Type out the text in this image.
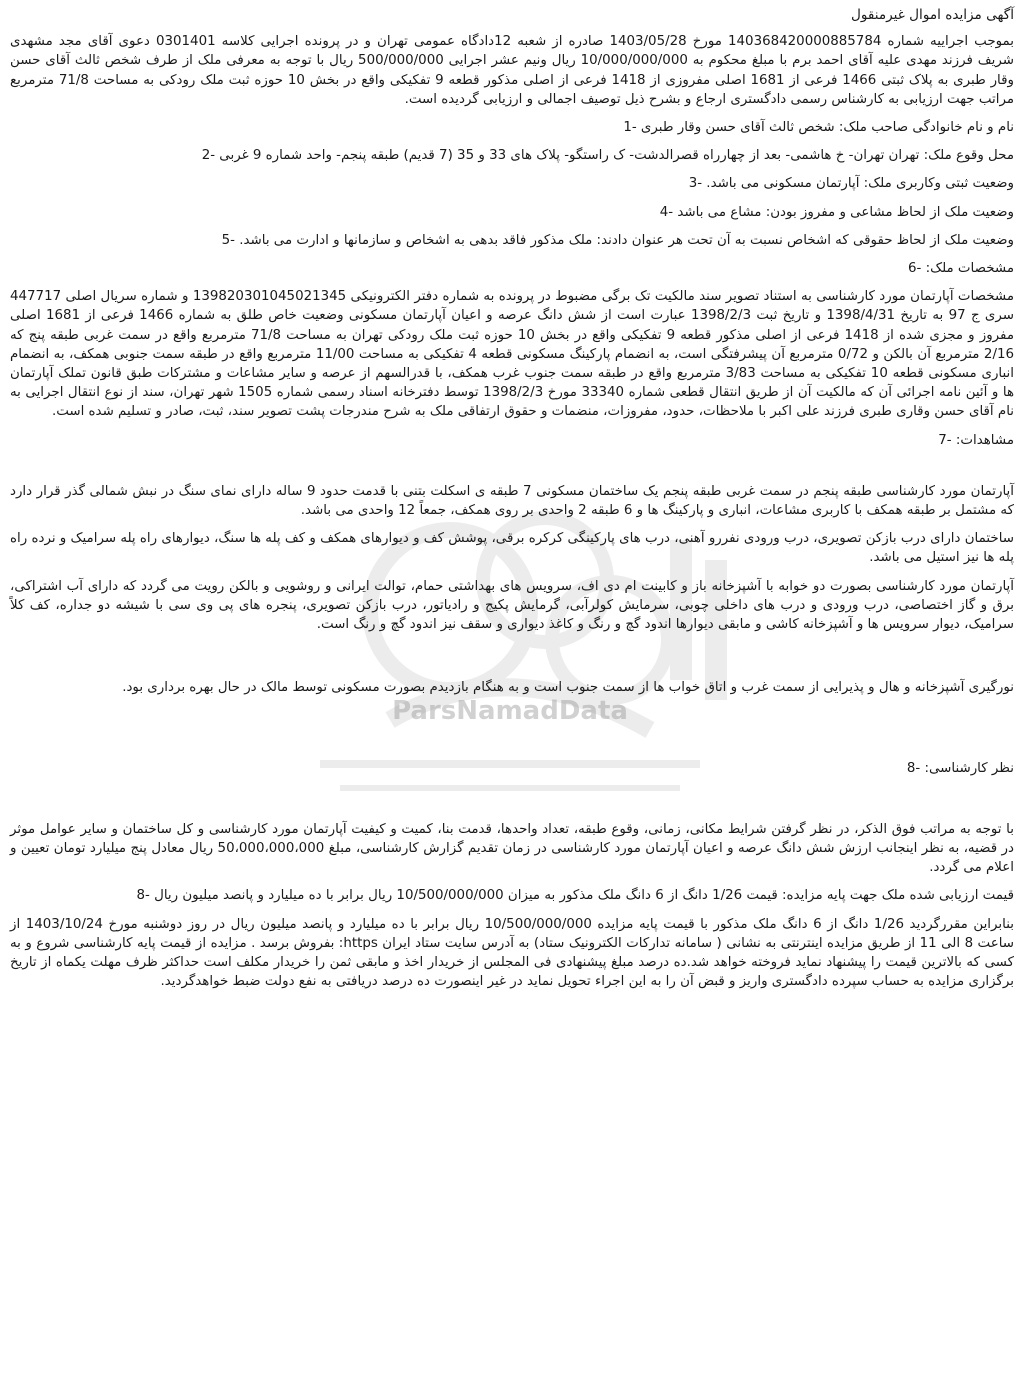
ParsNamadData

آگهی مزایده اموال غیرمنقول

بموجب اجراییه شماره 140368420000885784 مورخ 1403/05/28 صادره از شعبه 12دادگاه عمومی تهران و در پرونده اجرایی کلاسه 0301401 دعوی آقای مجد مشهدی شریف فرزند مهدی علیه آقای احمد برم با مبلغ محکوم به 10/000/000/000 ریال ونیم عشر اجرایی 500/000/000 ریال با توجه به معرفی ملک از طرف شخص ثالث آقای حسن وقار طبری به پلاک ثبتی 1466 فرعی از 1681 اصلی مفروزی از 1418 فرعی از اصلی مذکور قطعه 9 تفکیکی واقع در بخش 10 حوزه ثبت ملک رودکی به مساحت 71/8 مترمربع مراتب جهت ارزیابی به کارشناس رسمی دادگستری ارجاع و بشرح ذیل توصیف اجمالی و ارزیابی گردیده است.

نام و نام خانوادگی صاحب ملک: شخص ثالث آقای حسن وقار طبری -1

محل وقوع ملک: تهران تهران- خ هاشمی- بعد از چهارراه قصرالدشت- ک راستگو- پلاک های 33 و 35 (7 قدیم) طبقه پنجم- واحد شماره 9 غربی -2

وضعیت ثبتی وکاربری ملک: آپارتمان مسکونی می باشد. -3

وضعیت ملک از لحاظ مشاعی و مفروز بودن: مشاع می باشد -4

وضعیت ملک از لحاظ حقوقی که اشخاص نسبت به آن تحت هر عنوان دادند: ملک مذکور فاقد بدهی به اشخاص و سازمانها و ادارت می باشد. -5

مشخصات ملک: -6

مشخصات آپارتمان مورد کارشناسی به استناد تصویر سند مالکیت تک برگی مضبوط در پرونده به شماره دفتر الکترونیکی 139820301045021345 و شماره سریال اصلی 447717 سری ج 97 به تاریخ 1398/4/31 و تاریخ ثبت 1398/2/3 عبارت است از شش دانگ عرصه و اعیان آپارتمان مسکونی وضعیت خاص طلق به شماره 1466 فرعی از 1681 اصلی مفروز و مجزی شده از 1418 فرعی از اصلی مذکور قطعه 9 تفکیکی واقع در بخش 10 حوزه ثبت ملک رودکی تهران به مساحت 71/8 مترمربع واقع در سمت غربی طبقه پنج که 2/16 مترمربع آن بالکن و 0/72 مترمربع آن پیشرفتگی است، به انضمام پارکینگ مسکونی قطعه 4 تفکیکی به مساحت 11/00 مترمربع واقع در طبقه سمت جنوبی همکف، به انضمام انباری مسکونی قطعه 10 تفکیکی به مساحت 3/83 مترمربع واقع در طبقه سمت جنوب غرب همکف، با قدرالسهم از عرصه و سایر مشاعات و مشترکات طبق قانون تملک آپارتمان ها و آئین نامه اجرائی آن که مالکیت آن از طریق انتقال قطعی شماره 33340 مورخ 1398/2/3 توسط دفترخانه اسناد رسمی شماره 1505 شهر تهران، سند از نوع انتقال اجرایی به نام آقای حسن وقاری طبری فرزند علی اکبر با ملاحظات، حدود، مفروزات، منضمات و حقوق ارتفاقی ملک به شرح مندرجات پشت تصویر سند، ثبت، صادر و تسلیم شده است.

مشاهدات: -7

آپارتمان مورد کارشناسی طبقه پنجم در سمت غربی طبقه پنجم یک ساختمان مسکونی 7 طبقه ی اسکلت بتنی با قدمت حدود 9 ساله دارای نمای سنگ در نبش شمالی گذر قرار دارد که مشتمل بر طبقه همکف با کاربری مشاعات، انباری و پارکینگ ها و 6 طبقه 2 واحدی بر روی همکف، جمعاً 12 واحدی می باشد.

ساختمان دارای درب بازکن تصویری، درب ورودی نفررو آهنی، درب های پارکینگی کرکره برقی، پوشش کف و دیوارهای همکف و کف پله ها سنگ، دیوارهای راه پله سرامیک و نرده راه پله ها نیز استیل می باشد.

آپارتمان مورد کارشناسی بصورت دو خوابه با آشپزخانه باز و کابینت ام دی اف، سرویس های بهداشتی حمام، توالت ایرانی و روشویی و بالکن رویت می گردد که دارای آب اشتراکی، برق و گاز اختصاصی، درب ورودی و درب های داخلی چوبی، سرمایش کولرآبی، گرمایش پکیج و رادیاتور، درب بازکن تصویری، پنجره های پی وی سی با شیشه دو جداره، کف کلاً سرامیک، دیوار سرویس ها و آشپزخانه کاشی و مابقی دیوارها اندود گچ و رنگ و کاغذ دیواری و سقف نیز اندود گچ و رنگ است.

نورگیری آشپزخانه و هال و پذیرایی از سمت غرب و اتاق خواب ها از سمت جنوب است و به هنگام بازدیدم بصورت مسکونی توسط مالک در حال بهره برداری بود.

نظر کارشناسی: -8

با توجه به مراتب فوق الذکر، در نظر گرفتن شرایط مکانی، زمانی، وقوع طبقه، تعداد واحدها، قدمت بنا، کمیت و کیفیت آپارتمان مورد کارشناسی و کل ساختمان و سایر عوامل موثر در قضیه، به نظر اینجانب ارزش شش دانگ عرصه و اعیان آپارتمان مورد کارشناسی در زمان تقدیم گزارش کارشناسی، مبلغ 50،000،000،000 ریال معادل پنج میلیارد تومان تعیین و اعلام می گردد.

قیمت ارزیابی شده ملک جهت پایه مزایده: قیمت 1/26 دانگ از 6 دانگ ملک مذکور به میزان 10/500/000/000 ریال برابر با ده میلیارد و پانصد میلیون ریال -8

بنابراین مقررگردید 1/26 دانگ از 6 دانگ ملک مذکور با قیمت پایه مزایده 10/500/000/000 ریال برابر با ده میلیارد و پانصد میلیون ریال در روز دوشنبه مورخ 1403/10/24 از ساعت 8 الی 11 از طریق مزایده اینترنتی به نشانی ( سامانه تدارکات الکترونیک ستاد) به آدرس سایت ستاد ایران https: بفروش برسد . مزایده از قیمت پایه کارشناسی شروع و به کسی که بالاترین قیمت را پیشنهاد نماید فروخته خواهد شد.ده درصد مبلغ پیشنهادی فی المجلس از خریدار اخذ و مابقی ثمن را خریدار مکلف است حداکثر ظرف مهلت یکماه از تاریخ برگزاری مزایده به حساب سپرده دادگستری واریز و قبض آن را به این اجراء تحویل نماید در غیر اینصورت ده درصد دریافتی به نفع دولت ضبط خواهدگردید.
